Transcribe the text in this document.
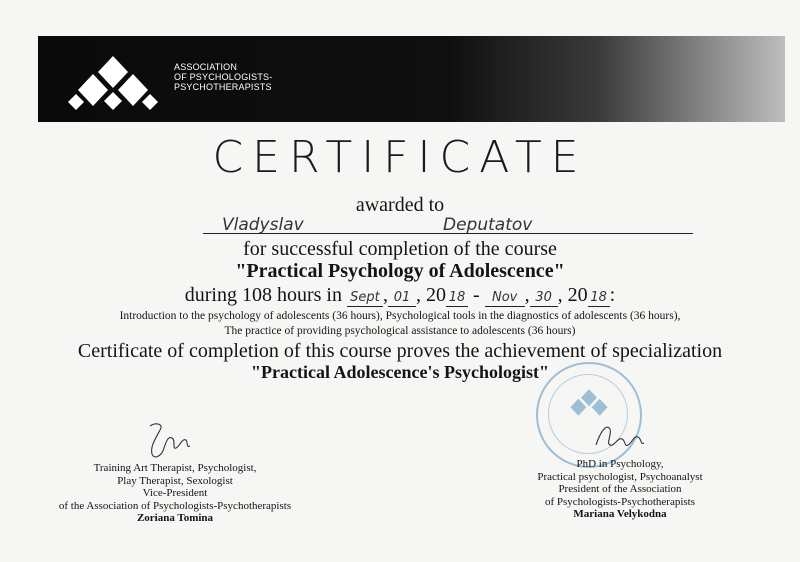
ASSOCIATION
OF PSYCHOLOGISTS-
PSYCHOTHERAPISTS
CERTIFICATE
awarded to
Vladyslav	Deputatov
for successful completion of the course
"Practical Psychology of Adolescence"
during 108 hours in Sept , 01 , 20 18 - Nov , 30 , 20 18 :
Introduction to the psychology of adolescents (36 hours), Psychological tools in the diagnostics of adolescents (36 hours),
The practice of providing psychological assistance to adolescents (36 hours)
Certificate of completion of this course proves the achievement of specialization
"Practical Adolescence's Psychologist"
Training Art Therapist, Psychologist,
Play Therapist, Sexologist
Vice-President
of the Association of Psychologists-Psychotherapists
Zoriana Tomina
PhD in Psychology,
Practical psychologist, Psychoanalyst
President of the Association
of Psychologists-Psychotherapists
Mariana Velykodna
